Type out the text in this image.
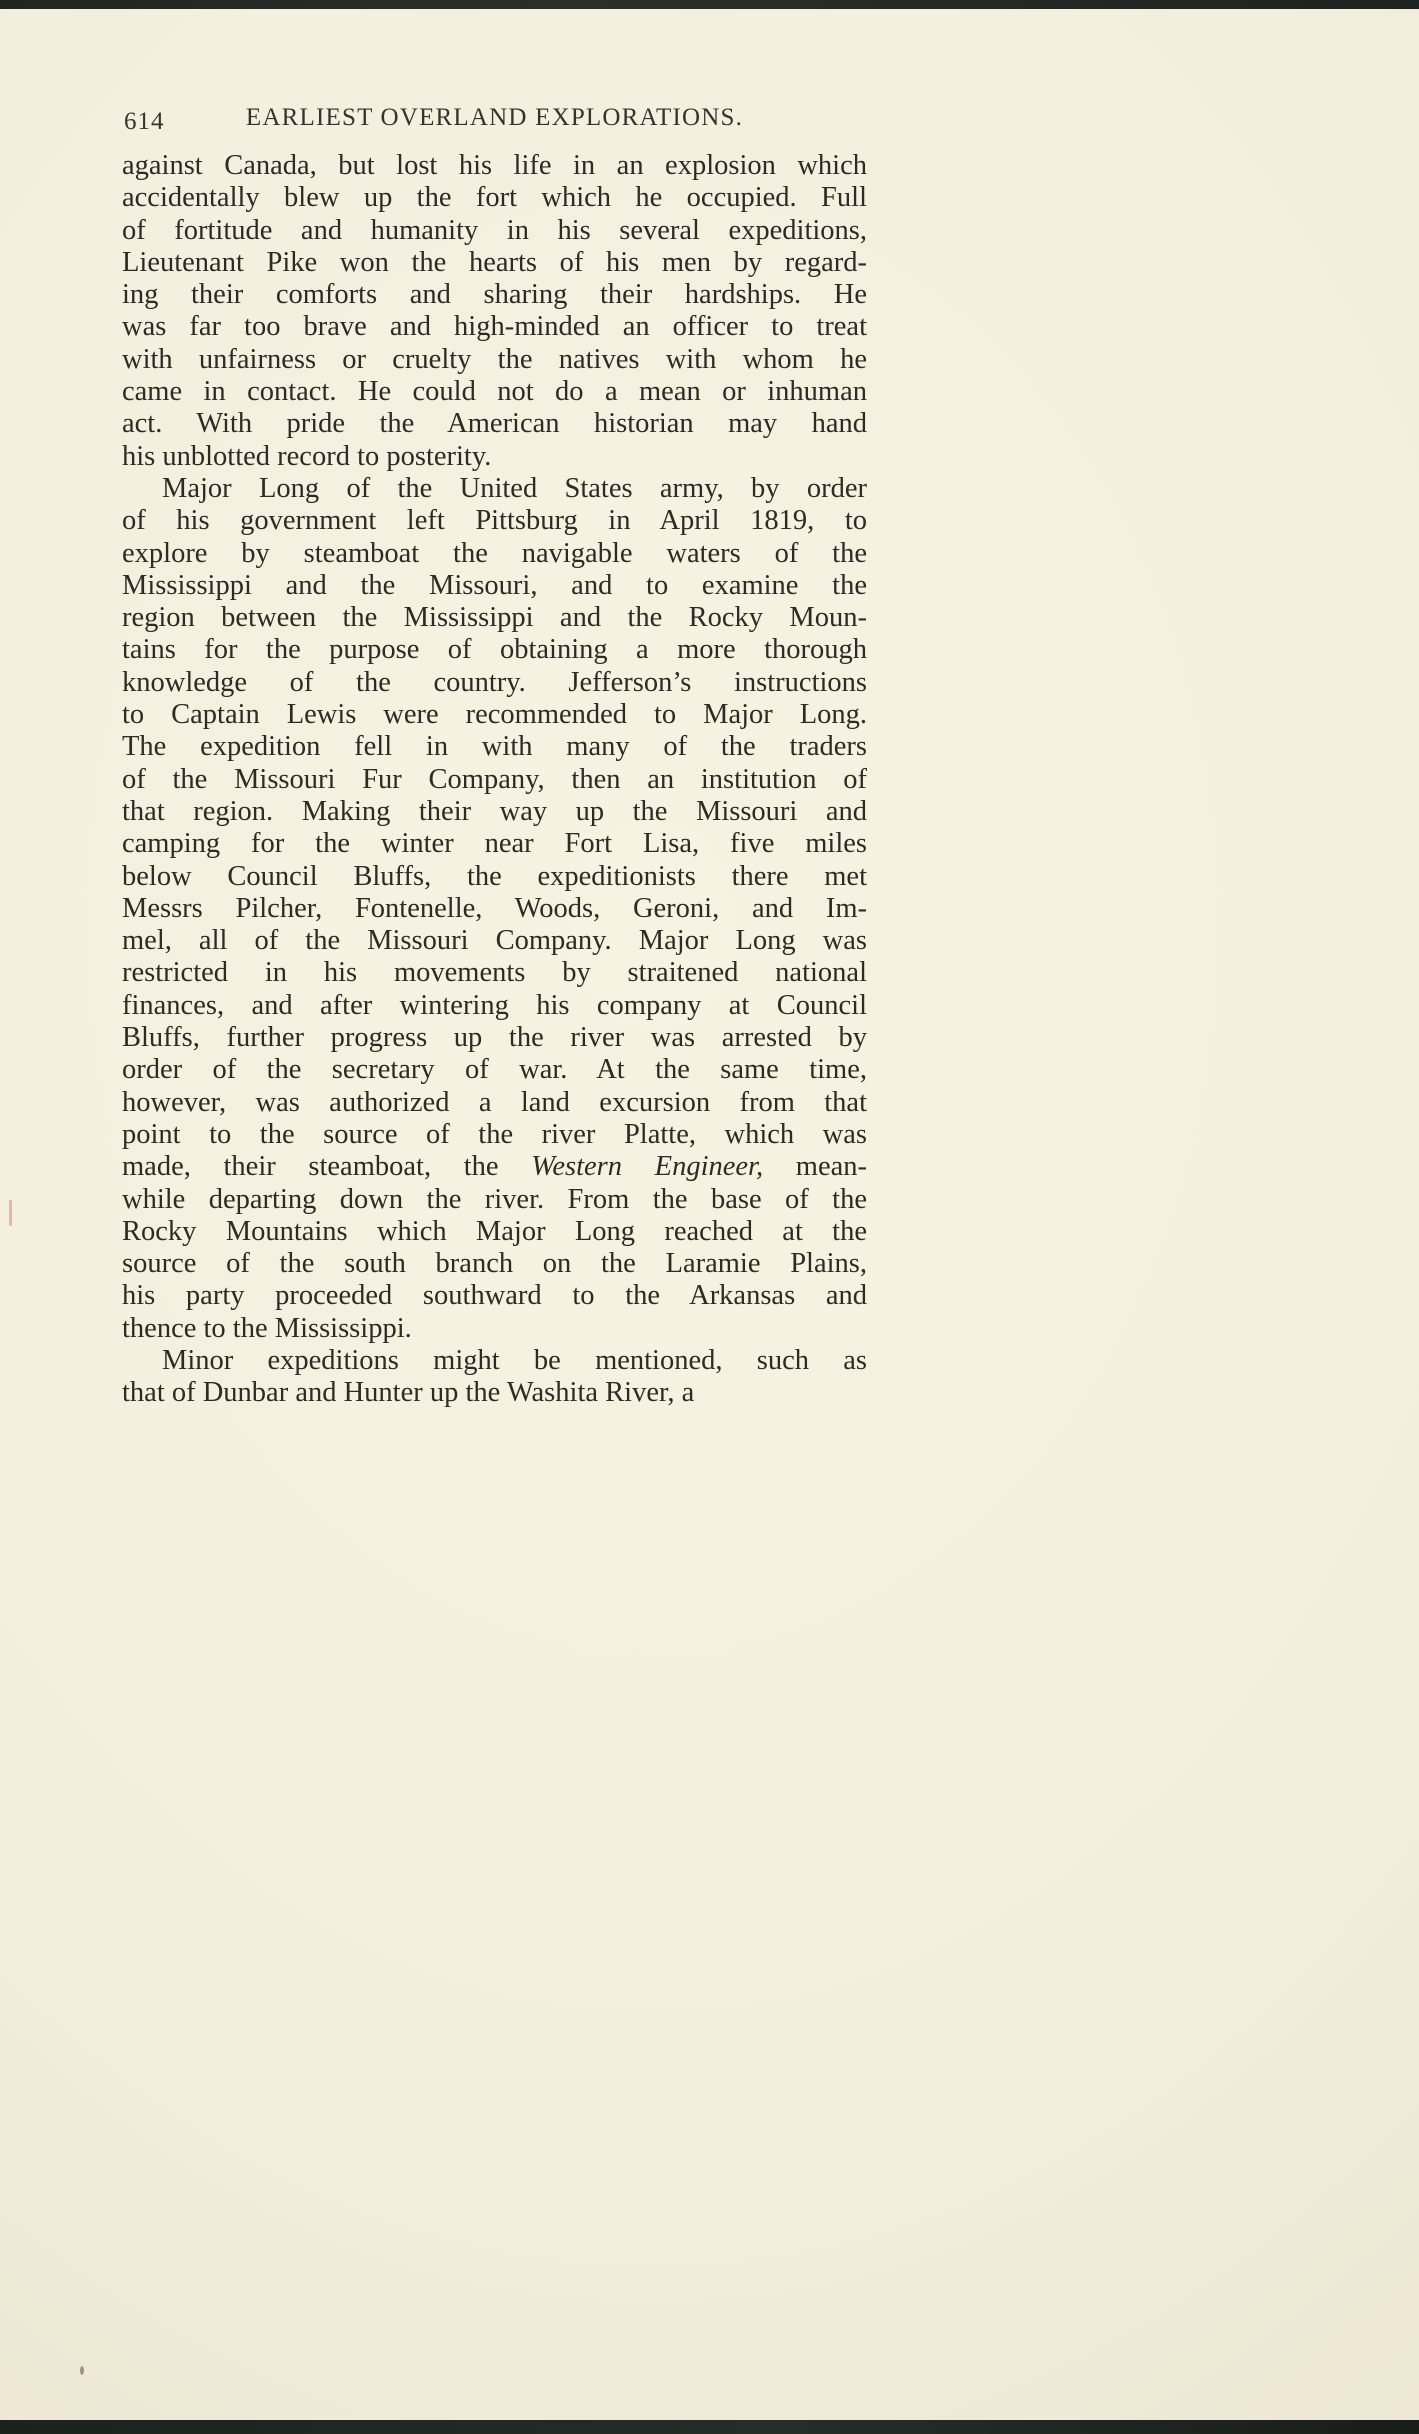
614	EARLIEST OVERLAND EXPLORATIONS.
against Canada, but lost his life in an explosion which
accidentally blew up the fort which he occupied. Full
of fortitude and humanity in his several expeditions,
Lieutenant Pike won the hearts of his men by regard-
ing their comforts and sharing their hardships. He
was far too brave and high-minded an officer to treat
with unfairness or cruelty the natives with whom he
came in contact. He could not do a mean or inhuman
act. With pride the American historian may hand
his unblotted record to posterity.
Major Long of the United States army, by order
of his government left Pittsburg in April 1819, to
explore by steamboat the navigable waters of the
Mississippi and the Missouri, and to examine the
region between the Mississippi and the Rocky Moun-
tains for the purpose of obtaining a more thorough
knowledge of the country. Jefferson’s instructions
to Captain Lewis were recommended to Major Long.
The expedition fell in with many of the traders
of the Missouri Fur Company, then an institution of
that region. Making their way up the Missouri and
camping for the winter near Fort Lisa, five miles
below Council Bluffs, the expeditionists there met
Messrs Pilcher, Fontenelle, Woods, Geroni, and Im-
mel, all of the Missouri Company. Major Long was
restricted in his movements by straitened national
finances, and after wintering his company at Council
Bluffs, further progress up the river was arrested by
order of the secretary of war. At the same time,
however, was authorized a land excursion from that
point to the source of the river Platte, which was
made, their steamboat, the Western Engineer, mean-
while departing down the river. From the base of the
Rocky Mountains which Major Long reached at the
source of the south branch on the Laramie Plains,
his party proceeded southward to the Arkansas and
thence to the Mississippi.
Minor expeditions might be mentioned, such as
that of Dunbar and Hunter up the Washita River, a
